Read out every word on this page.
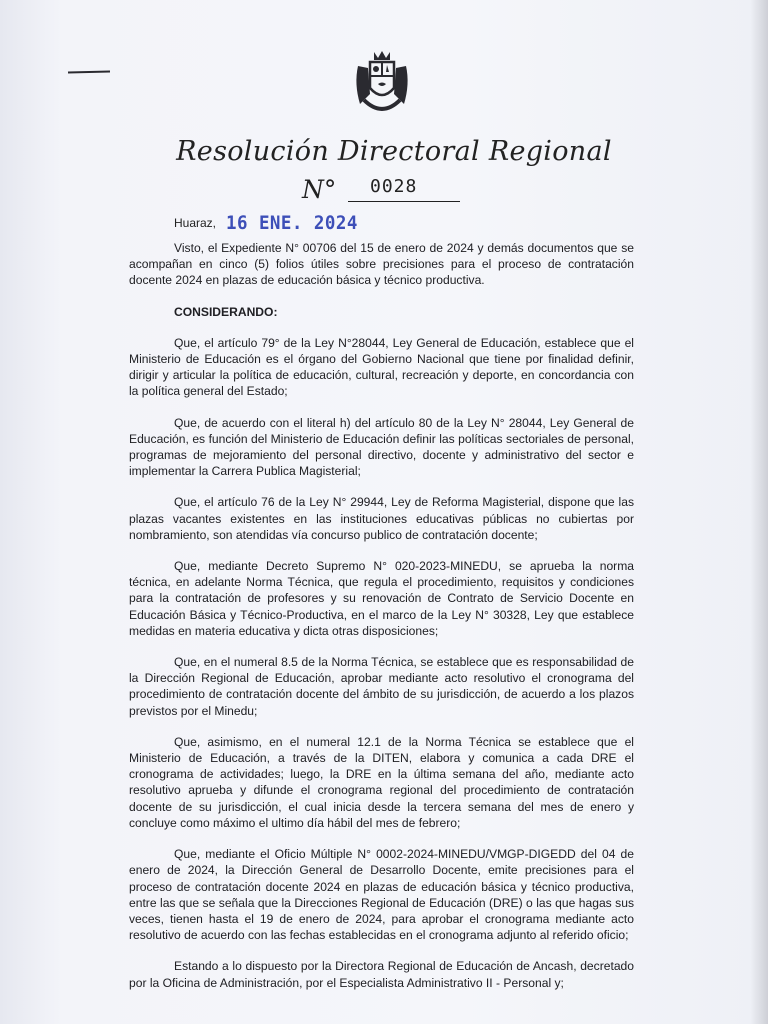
Resolución Directoral Regional
N° 0028
Huaraz, 16 ENE. 2024

Visto, el Expediente N° 00706 del 15 de enero de 2024 y demás documentos que se acompañan en cinco (5) folios útiles sobre precisiones para el proceso de contratación docente 2024 en plazas de educación básica y técnico productiva.

CONSIDERANDO:

Que, el artículo 79° de la Ley N°28044, Ley General de Educación, establece que el Ministerio de Educación es el órgano del Gobierno Nacional que tiene por finalidad definir, dirigir y articular la política de educación, cultural, recreación y deporte, en concordancia con la política general del Estado;

Que, de acuerdo con el literal h) del artículo 80 de la Ley N° 28044, Ley General de Educación, es función del Ministerio de Educación definir las políticas sectoriales de personal, programas de mejoramiento del personal directivo, docente y administrativo del sector e implementar la Carrera Publica Magisterial;

Que, el artículo 76 de la Ley N° 29944, Ley de Reforma Magisterial, dispone que las plazas vacantes existentes en las instituciones educativas públicas no cubiertas por nombramiento, son atendidas vía concurso publico de contratación docente;

Que, mediante Decreto Supremo N° 020-2023-MINEDU, se aprueba la norma técnica, en adelante Norma Técnica, que regula el procedimiento, requisitos y condiciones para la contratación de profesores y su renovación de Contrato de Servicio Docente en Educación Básica y Técnico-Productiva, en el marco de la Ley N° 30328, Ley que establece medidas en materia educativa y dicta otras disposiciones;

Que, en el numeral 8.5 de la Norma Técnica, se establece que es responsabilidad de la Dirección Regional de Educación, aprobar mediante acto resolutivo el cronograma del procedimiento de contratación docente del ámbito de su jurisdicción, de acuerdo a los plazos previstos por el Minedu;

Que, asimismo, en el numeral 12.1 de la Norma Técnica se establece que el Ministerio de Educación, a través de la DITEN, elabora y comunica a cada DRE el cronograma de actividades; luego, la DRE en la última semana del año, mediante acto resolutivo aprueba y difunde el cronograma regional del procedimiento de contratación docente de su jurisdicción, el cual inicia desde la tercera semana del mes de enero y concluye como máximo el ultimo día hábil del mes de febrero;

Que, mediante el Oficio Múltiple N° 0002-2024-MINEDU/VMGP-DIGEDD del 04 de enero de 2024, la Dirección General de Desarrollo Docente, emite precisiones para el proceso de contratación docente 2024 en plazas de educación básica y técnico productiva, entre las que se señala que la Direcciones Regional de Educación (DRE) o las que hagas sus veces, tienen hasta el 19 de enero de 2024, para aprobar el cronograma mediante acto resolutivo de acuerdo con las fechas establecidas en el cronograma adjunto al referido oficio;

Estando a lo dispuesto por la Directora Regional de Educación de Ancash, decretado por la Oficina de Administración, por el Especialista Administrativo II - Personal y;
